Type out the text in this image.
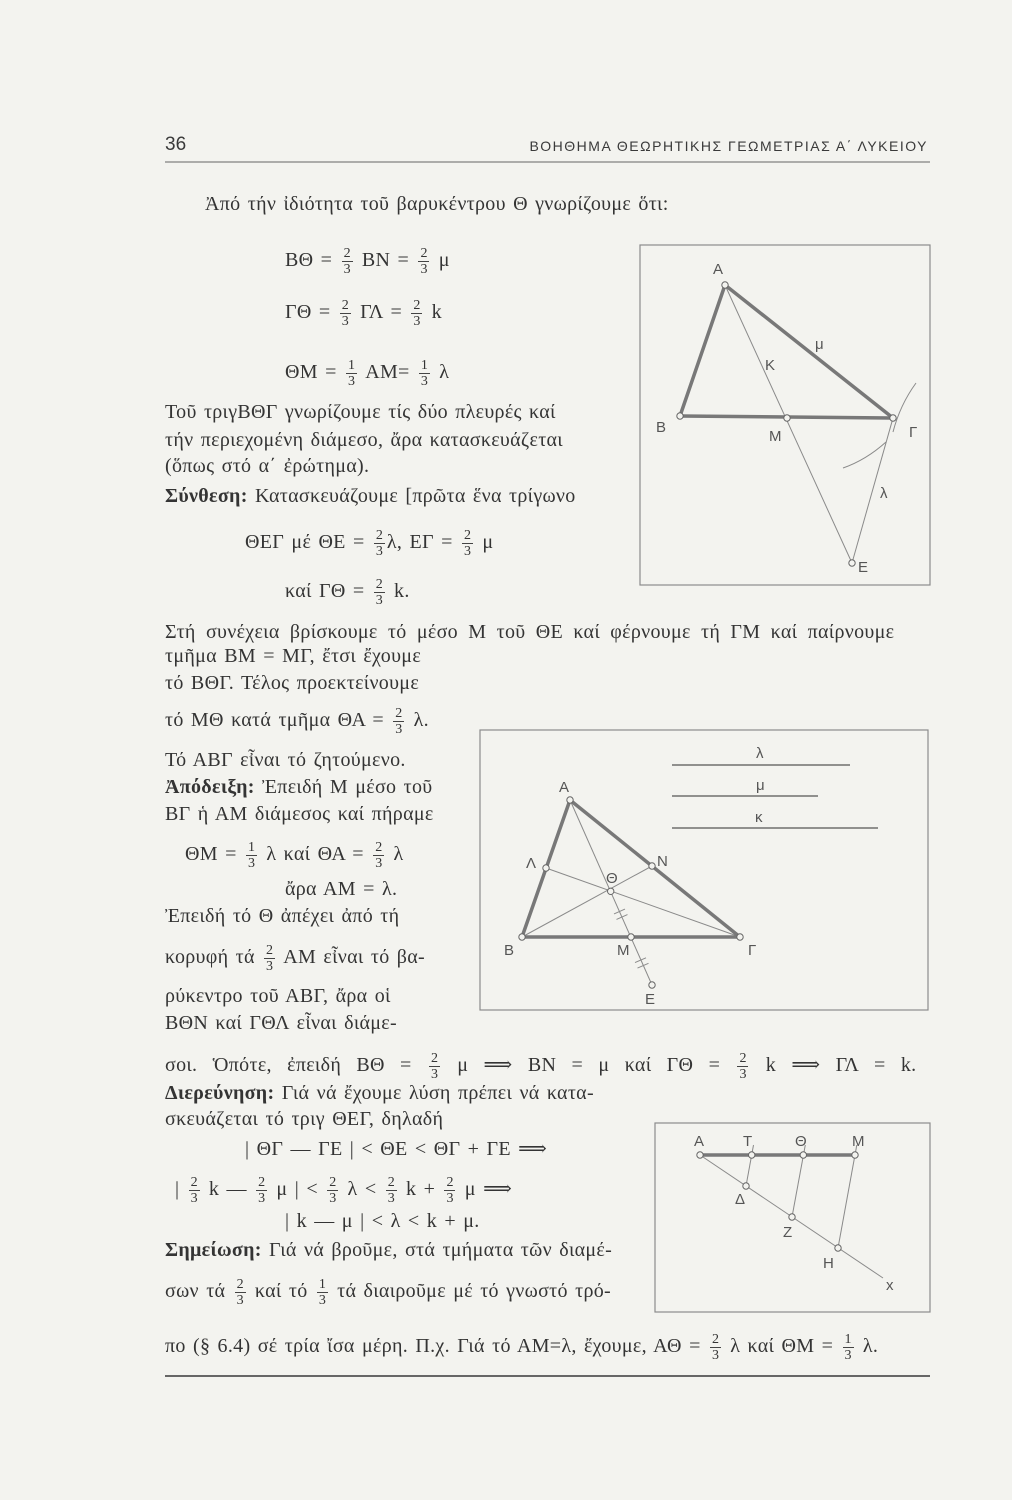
36	ΒΟΗΘΗΜΑ ΘΕΩΡΗΤΙΚΗΣ ΓΕΩΜΕΤΡΙΑΣ Α΄ ΛΥΚΕΙΟΥ
Ἀπό τήν ἰδιότητα τοῦ βαρυκέντρου Θ γνωρίζουμε ὅτι:
$B\Theta = \frac{2}{3}$ $BN = \frac{2}{3}$ μ
$\Gamma\Theta = \frac{2}{3}$ $\Gamma\Lambda = \frac{2}{3}$ k
$\Theta M = \frac{1}{3} AM= \frac{1}{3}$ λ
Τοῦ τριγΒΘΓ γνωρίζουμε τίς δύο πλευρές καί
τήν περιεχομένη διάμεσο, ἄρα κατασκευάζεται
(ὅπως στό α΄ ἐρώτημα).
Σύνθεση: Κατασκευάζουμε [πρῶτα ἕνα τρίγωνο
ΘΕΓ μέ $\Theta E = \frac{2}{3} \lambda$, $E\Gamma = \frac{2}{3}$ μ
καί $\Gamma\Theta = \frac{2}{3} k$.
Στή συνέχεια βρίσκουμε τό μέσο Μ τοῦ ΘΕ καί φέρνουμε τή ΓΜ καί παίρνουμε
τμῆμα ΒΜ = ΜΓ, ἔτσι ἔχουμε
τό ΒΘΓ. Τέλος προεκτείνουμε
τό ΜΘ κατά τμῆμα $\Theta A = \frac{2}{3} \lambda$.
Τό ΑΒΓ εἶναι τό ζητούμενο.
Ἀπόδειξη: Ἐπειδή Μ μέσο τοῦ
ΒΓ ἡ ΑΜ διάμεσος καί πήραμε
$\Theta M = \frac{1}{3}$ λ καί $\Theta A = \frac{2}{3}$ λ
ἄρα ΑΜ = λ.
Ἐπειδή τό Θ ἀπέχει ἀπό τή
κορυφή τά $\frac{2}{3}$ ΑΜ εἶναι τό βα-
ρύκεντρο τοῦ ΑΒΓ, ἄρα οἱ
ΒΘΝ καί ΓΘΛ εἶναι διάμε-
σοι. Ὁπότε, ἐπειδή $B\Theta = \frac{2}{3}$ μ ⟹ ΒΝ = μ καί $\Gamma\Theta = \frac{2}{3}$ k ⟹ ΓΛ = k.
Διερεύνηση: Γιά νά ἔχουμε λύση πρέπει νά κατα-
σκευάζεται τό τριγ ΘΕΓ, δηλαδή
| ΘΓ — ΓΕ | < ΘΕ < ΘΓ + ΓΕ ⟹
| $\frac{2}{3}$ k — $\frac{2}{3}$ μ | < $\frac{2}{3}$ $\lambda < \frac{2}{3}$ $k + \frac{2}{3}$ μ ⟹
| k — μ | < λ < k + μ.
Σημείωση: Γιά νά βροῦμε, στά τμήματα τῶν διαμέ-
σων τά $\frac{2}{3}$ καί τό $\frac{1}{3}$ τά διαιροῦμε μέ τό γνωστό τρό-
πο (§ 6.4) σέ τρία ἴσα μέρη. Π.χ. Γιά τό ΑΜ=λ, ἔχουμε, $A\Theta = \frac{2}{3}$ λ καί $\Theta M = \frac{1}{3} \lambda$.
Α
Β	Γ
Μ
Κ
μ
λ
Ε
λ
μ
κ
Α
Β	Γ
Λ	Ν
Θ
Μ
Ε
Α	Τ	Θ	Μ
Δ
Ζ
Η
x
